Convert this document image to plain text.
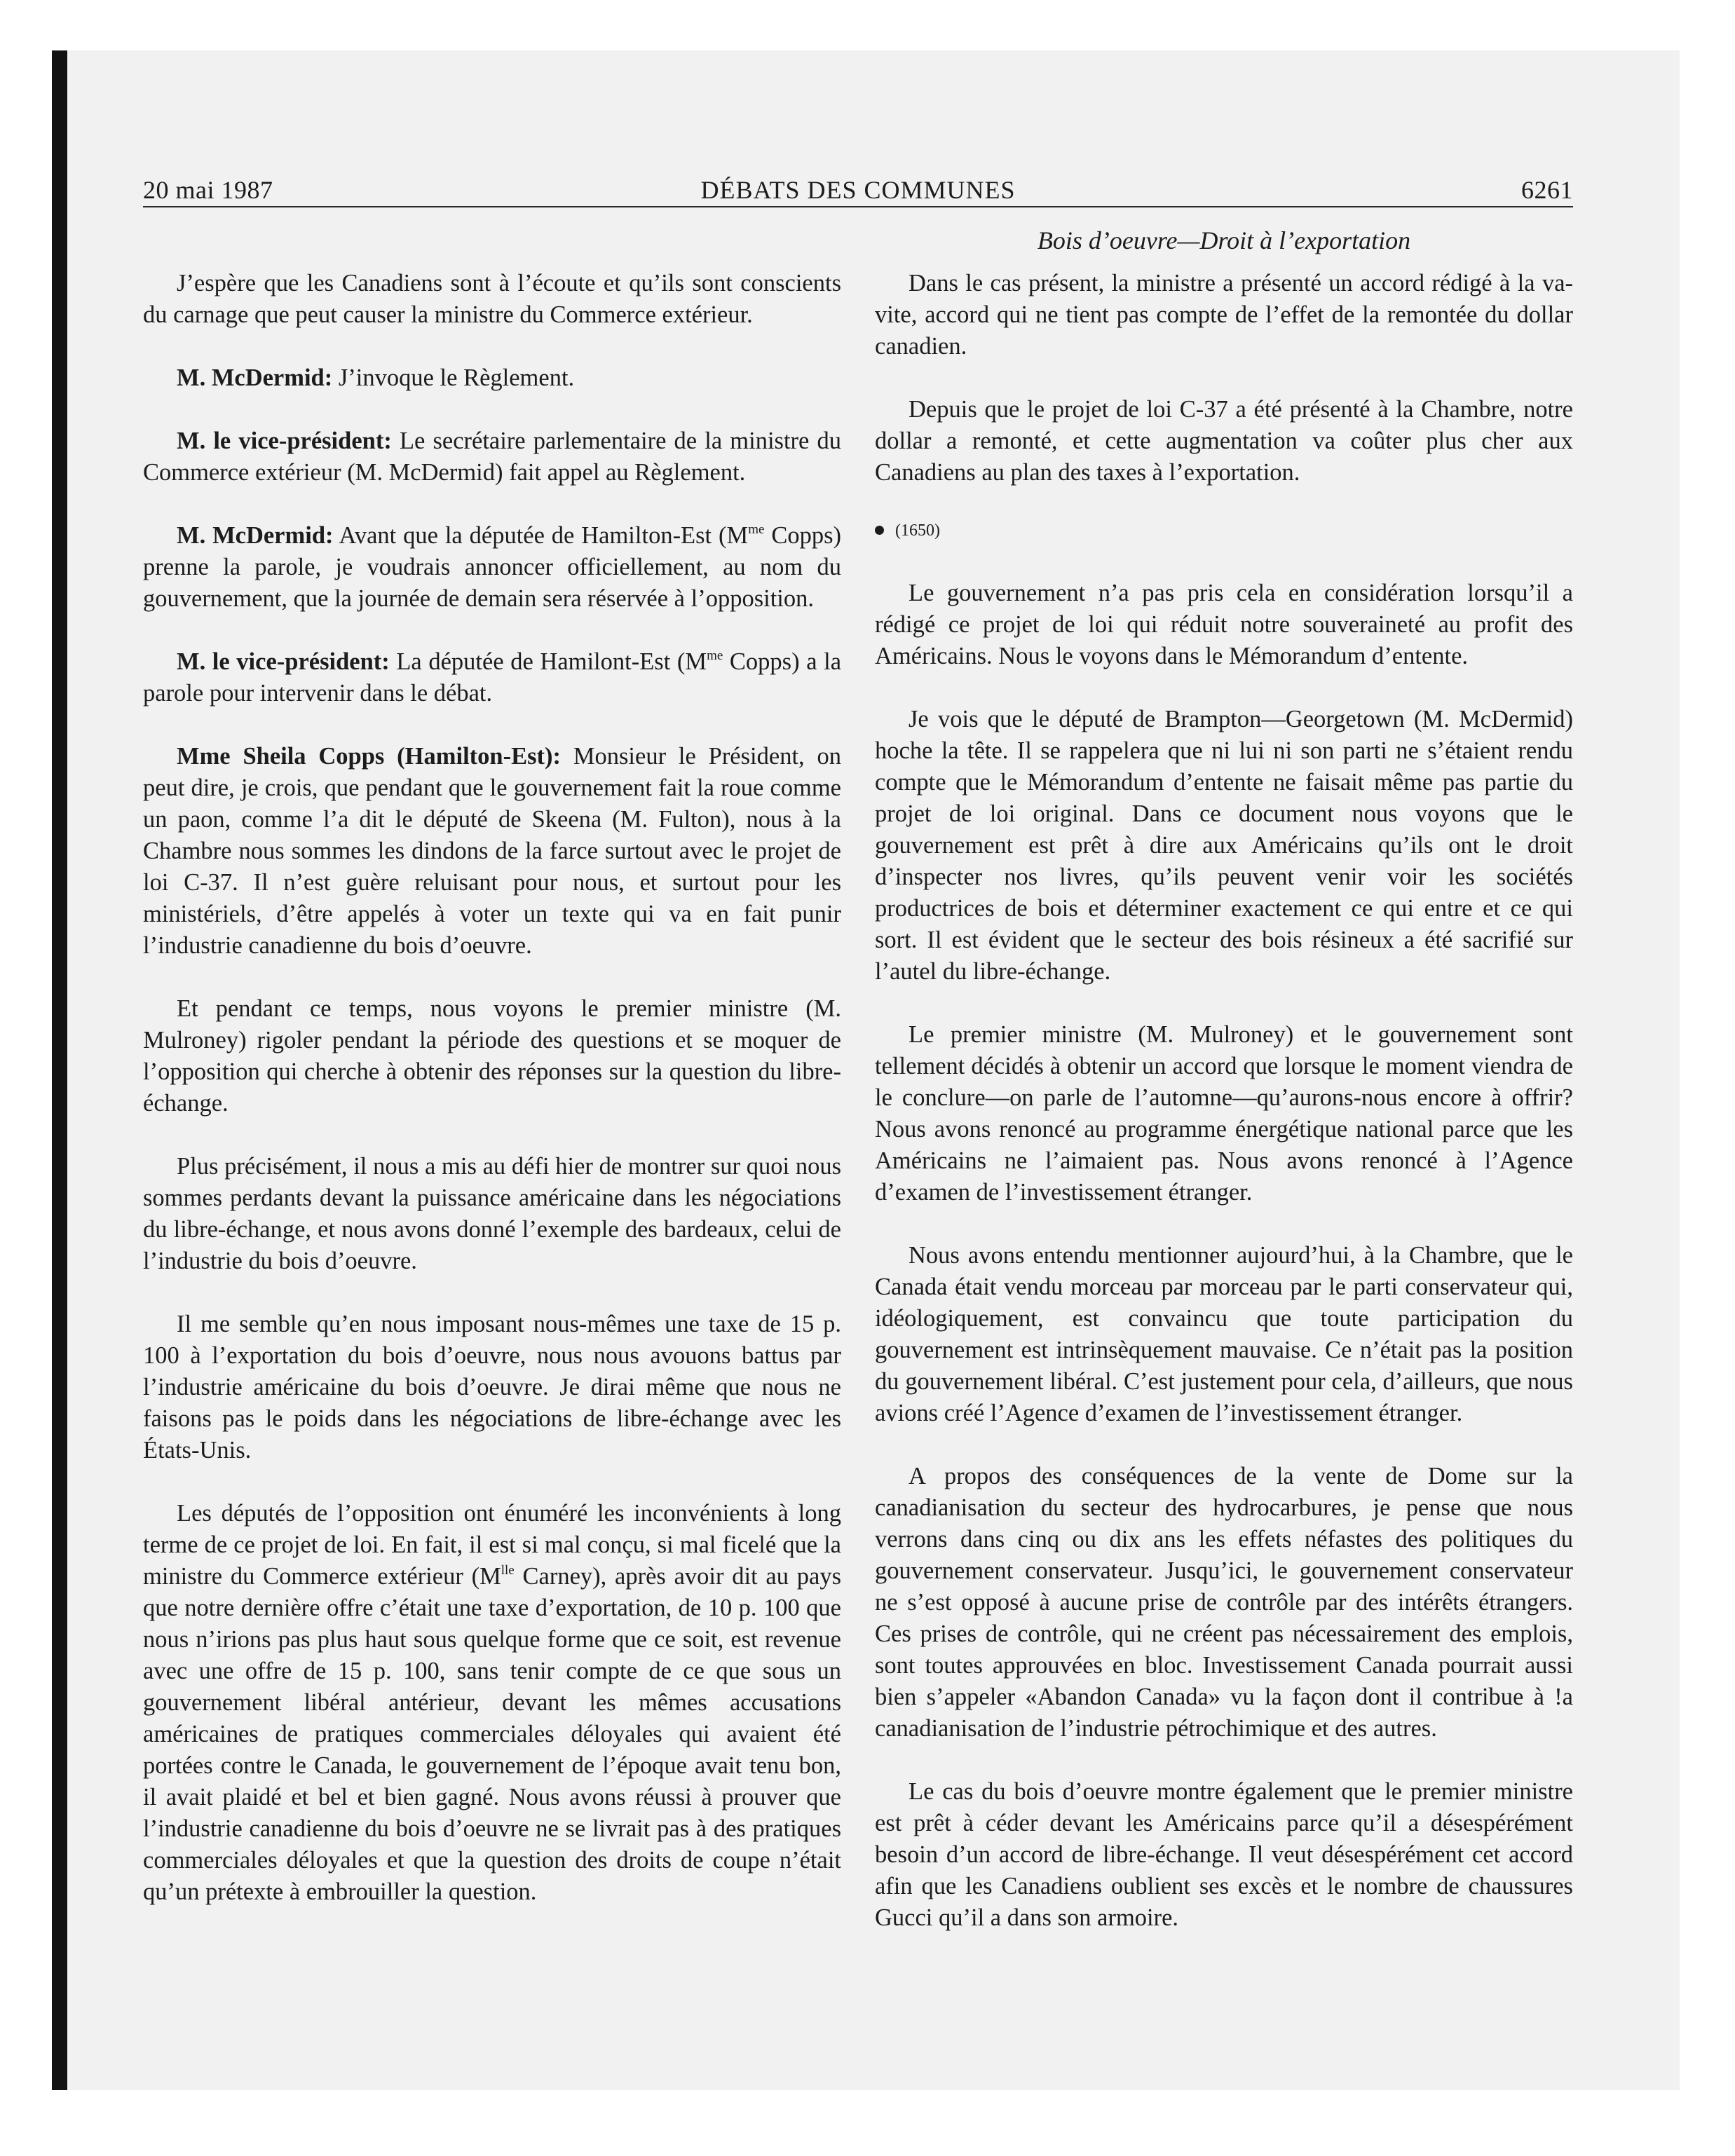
20 mai 1987	DÉBATS DES COMMUNES	6261
Bois d’oeuvre—Droit à l’exportation

J’espère que les Canadiens sont à l’écoute et qu’ils sont conscients du carnage que peut causer la ministre du Commerce extérieur.

M. McDermid: J’invoque le Règlement.

M. le vice-président: Le secrétaire parlementaire de la ministre du Commerce extérieur (M. McDermid) fait appel au Règlement.

M. McDermid: Avant que la députée de Hamilton-Est ($M^{me}$ Copps) prenne la parole, je voudrais annoncer officiellement, au nom du gouvernement, que la journée de demain sera réservée à l’opposition.

M. le vice-président: La députée de Hamilont-Est ($M^{me}$ Copps) a la parole pour intervenir dans le débat.

Mme Sheila Copps (Hamilton-Est): Monsieur le Président, on peut dire, je crois, que pendant que le gouvernement fait la roue comme un paon, comme l’a dit le député de Skeena (M. Fulton), nous à la Chambre nous sommes les dindons de la farce surtout avec le projet de loi C-37. Il n’est guère reluisant pour nous, et surtout pour les ministériels, d’être appelés à voter un texte qui va en fait punir l’industrie canadienne du bois d’oeuvre.

Et pendant ce temps, nous voyons le premier ministre (M. Mulroney) rigoler pendant la période des questions et se moquer de l’opposition qui cherche à obtenir des réponses sur la question du libre-échange.

Plus précisément, il nous a mis au défi hier de montrer sur quoi nous sommes perdants devant la puissance américaine dans les négociations du libre-échange, et nous avons donné l’exemple des bardeaux, celui de l’industrie du bois d’oeuvre.

Il me semble qu’en nous imposant nous-mêmes une taxe de 15 p. 100 à l’exportation du bois d’oeuvre, nous nous avouons battus par l’industrie américaine du bois d’oeuvre. Je dirai même que nous ne faisons pas le poids dans les négociations de libre-échange avec les États-Unis.

Les députés de l’opposition ont énuméré les inconvénients à long terme de ce projet de loi. En fait, il est si mal conçu, si mal ficelé que la ministre du Commerce extérieur ($M^{lle}$ Carney), après avoir dit au pays que notre dernière offre c’était une taxe d’exportation, de 10 p. 100 que nous n’irions pas plus haut sous quelque forme que ce soit, est revenue avec une offre de 15 p. 100, sans tenir compte de ce que sous un gouvernement libéral antérieur, devant les mêmes accusations américaines de pratiques commerciales déloyales qui avaient été portées contre le Canada, le gouvernement de l’époque avait tenu bon, il avait plaidé et bel et bien gagné. Nous avons réussi à prouver que l’industrie canadienne du bois d’oeuvre ne se livrait pas à des pratiques commerciales déloyales et que la question des droits de coupe n’était qu’un prétexte à embrouiller la question.

Dans le cas présent, la ministre a présenté un accord rédigé à la va-vite, accord qui ne tient pas compte de l’effet de la remontée du dollar canadien.

Depuis que le projet de loi C-37 a été présenté à la Chambre, notre dollar a remonté, et cette augmentation va coûter plus cher aux Canadiens au plan des taxes à l’exportation.

(1650)

Le gouvernement n’a pas pris cela en considération lorsqu’il a rédigé ce projet de loi qui réduit notre souveraineté au profit des Américains. Nous le voyons dans le Mémorandum d’entente.

Je vois que le député de Brampton—Georgetown (M. McDermid) hoche la tête. Il se rappelera que ni lui ni son parti ne s’étaient rendu compte que le Mémorandum d’entente ne faisait même pas partie du projet de loi original. Dans ce document nous voyons que le gouvernement est prêt à dire aux Américains qu’ils ont le droit d’inspecter nos livres, qu’ils peuvent venir voir les sociétés productrices de bois et déterminer exactement ce qui entre et ce qui sort. Il est évident que le secteur des bois résineux a été sacrifié sur l’autel du libre-échange.

Le premier ministre (M. Mulroney) et le gouvernement sont tellement décidés à obtenir un accord que lorsque le moment viendra de le conclure—on parle de l’automne—qu’aurons-nous encore à offrir? Nous avons renoncé au programme énergétique national parce que les Américains ne l’aimaient pas. Nous avons renoncé à l’Agence d’examen de l’investissement étranger.

Nous avons entendu mentionner aujourd’hui, à la Chambre, que le Canada était vendu morceau par morceau par le parti conservateur qui, idéologiquement, est convaincu que toute participation du gouvernement est intrinsèquement mauvaise. Ce n’était pas la position du gouvernement libéral. C’est justement pour cela, d’ailleurs, que nous avions créé l’Agence d’examen de l’investissement étranger.

A propos des conséquences de la vente de Dome sur la canadianisation du secteur des hydrocarbures, je pense que nous verrons dans cinq ou dix ans les effets néfastes des politiques du gouvernement conservateur. Jusqu’ici, le gouvernement conservateur ne s’est opposé à aucune prise de contrôle par des intérêts étrangers. Ces prises de contrôle, qui ne créent pas nécessairement des emplois, sont toutes approuvées en bloc. Investissement Canada pourrait aussi bien s’appeler «Abandon Canada» vu la façon dont il contribue à !a canadianisation de l’industrie pétrochimique et des autres.

Le cas du bois d’oeuvre montre également que le premier ministre est prêt à céder devant les Américains parce qu’il a désespérément besoin d’un accord de libre-échange. Il veut désespérément cet accord afin que les Canadiens oublient ses excès et le nombre de chaussures Gucci qu’il a dans son armoire.
